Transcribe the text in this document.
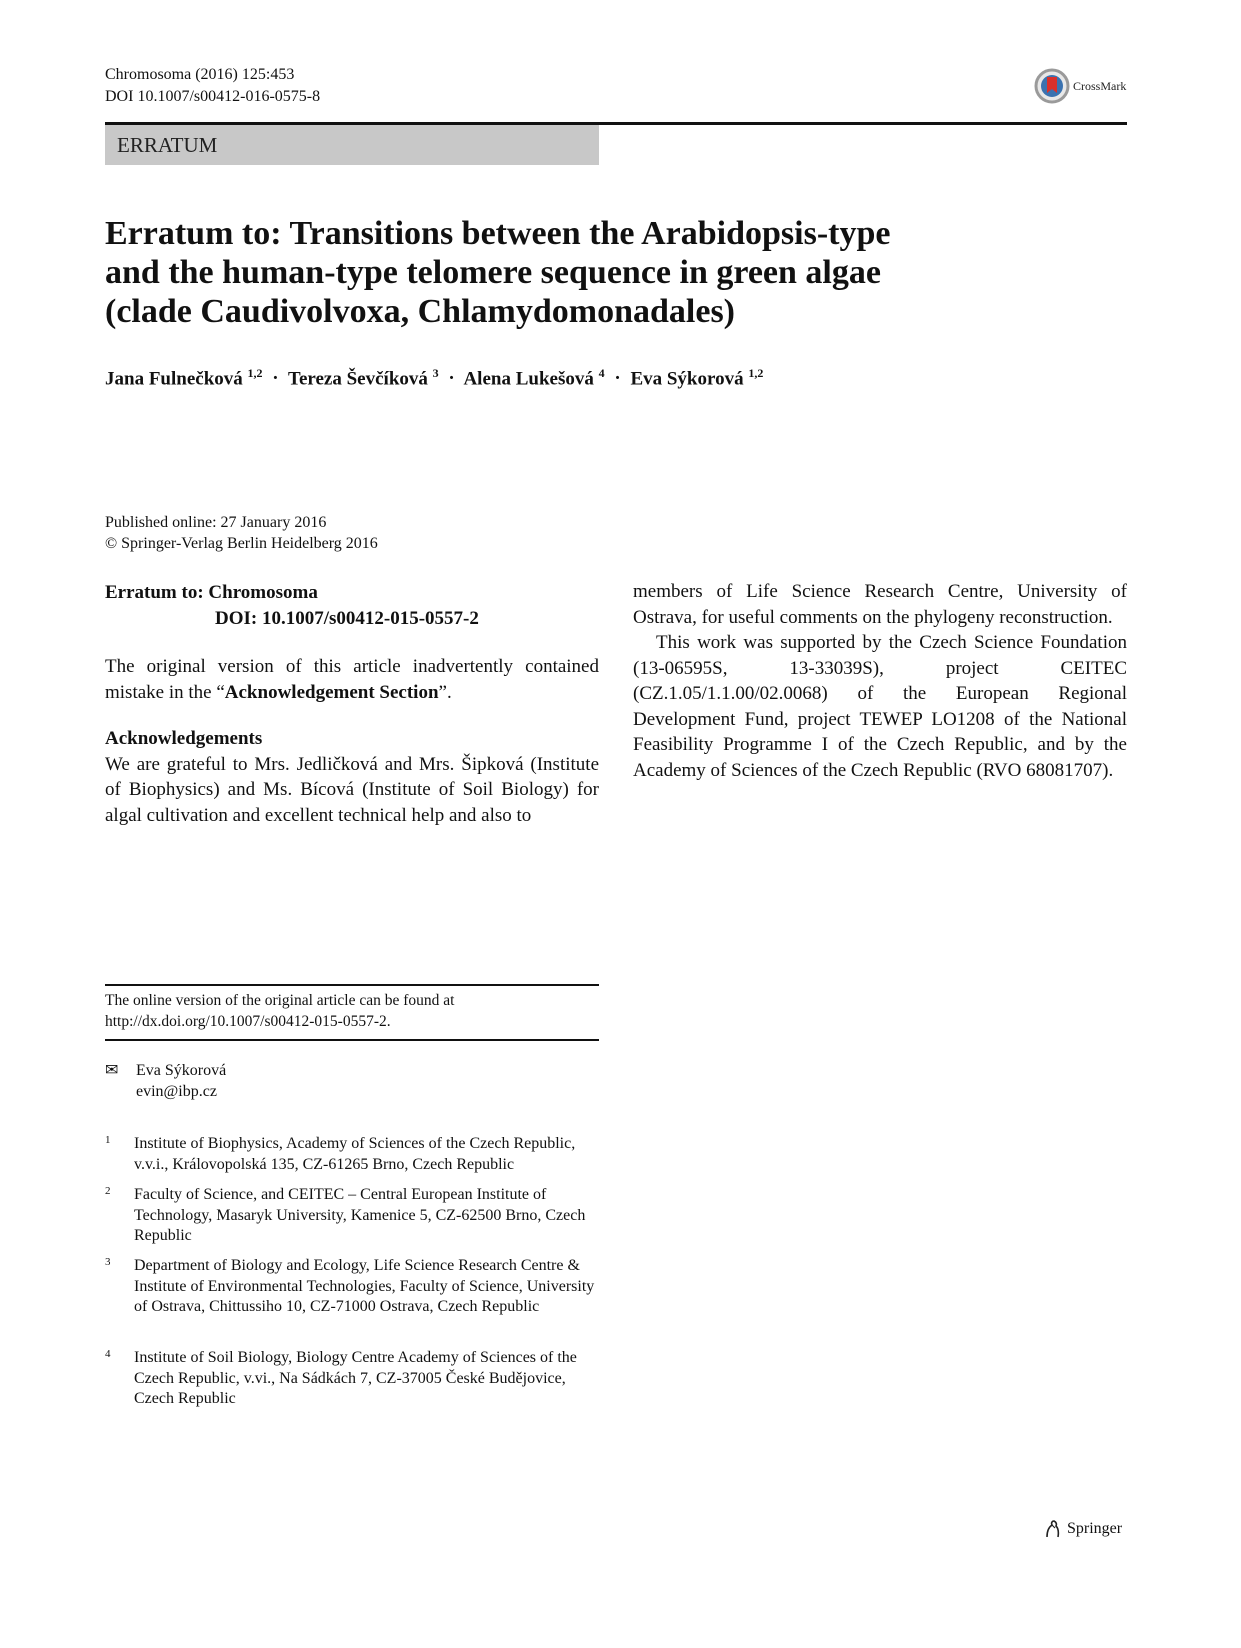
Chromosoma (2016) 125:453
DOI 10.1007/s00412-016-0575-8
CrossMark
ERRATUM
Erratum to: Transitions between the Arabidopsis-type
and the human-type telomere sequence in green algae
(clade Caudivolvoxa, Chlamydomonadales)
Jana Fulnečková $^{1,2}$ · Tereza Ševčíková $^3$ · Alena Lukešová $^4$ · Eva Sýkorová $^{1,2}$
Published online: 27 January 2016
© Springer-Verlag Berlin Heidelberg 2016
Erratum to: Chromosoma
DOI: 10.1007/s00412-015-0557-2

The original version of this article inadvertently contained mistake in the “Acknowledgement Section”.

Acknowledgements
We are grateful to Mrs. Jedličková and Mrs. Šipková (Institute of Biophysics) and Ms. Bícová (Institute of Soil Biology) for algal cultivation and excellent technical help and also to
members of Life Science Research Centre, University of Ostrava, for useful comments on the phylogeny reconstruction.
This work was supported by the Czech Science Foundation (13-06595S, 13-33039S), project CEITEC (CZ.1.05/1.1.00/02.0068) of the European Regional Development Fund, project TEWEP LO1208 of the National Feasibility Programme I of the Czech Republic, and by the Academy of Sciences of the Czech Republic (RVO 68081707).
The online version of the original article can be found at http://dx.doi.org/10.1007/s00412-015-0557-2.
✉ Eva Sýkorová
evin@ibp.cz
1 Institute of Biophysics, Academy of Sciences of the Czech Republic, v.v.i., Královopolská 135, CZ-61265 Brno, Czech Republic
2 Faculty of Science, and CEITEC – Central European Institute of Technology, Masaryk University, Kamenice 5, CZ-62500 Brno, Czech Republic
3 Department of Biology and Ecology, Life Science Research Centre & Institute of Environmental Technologies, Faculty of Science, University of Ostrava, Chittussiho 10, CZ-71000 Ostrava, Czech Republic
4 Institute of Soil Biology, Biology Centre Academy of Sciences of the Czech Republic, v.vi., Na Sádkách 7, CZ-37005 České Budějovice, Czech Republic
Springer
